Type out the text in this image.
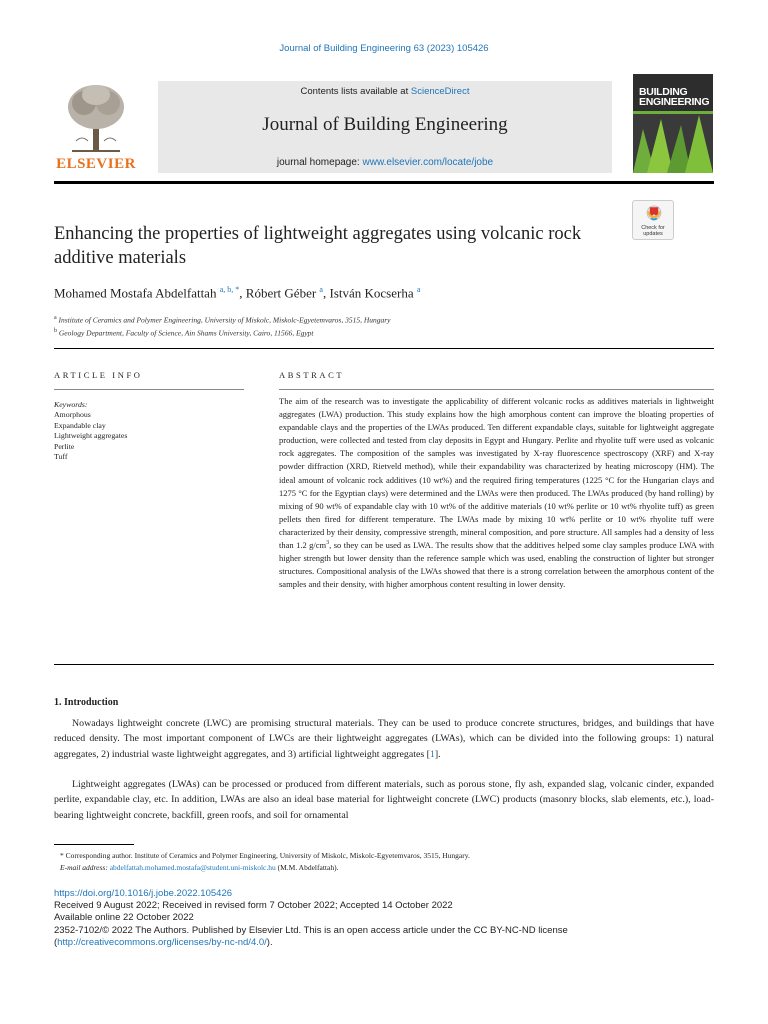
Journal of Building Engineering 63 (2023) 105426
ELSEVIER
Contents lists available at ScienceDirect
Journal of Building Engineering
journal homepage: www.elsevier.com/locate/jobe
BUILDING
ENGINEERING
Enhancing the properties of lightweight aggregates using volcanic rock additive materials
Check for updates
Mohamed Mostafa Abdelfattah $^{a, b, *}$, Róbert Géber $^a$, István Kocserha $^a$
$^a$ Institute of Ceramics and Polymer Engineering, University of Miskolc, Miskolc-Egyetemvaros, 3515, Hungary
$^b$ Geology Department, Faculty of Science, Ain Shams University, Cairo, 11566, Egypt
ARTICLE INFO
Keywords:
Amorphous
Expandable clay
Lightweight aggregates
Perlite
Tuff
ABSTRACT
The aim of the research was to investigate the applicability of different volcanic rocks as additives materials in lightweight aggregates (LWA) production. This study explains how the high amorphous content can improve the bloating properties of expandable clays and the properties of the LWAs produced. Ten different expandable clays, suitable for lightweight aggregate production, were collected and tested from clay deposits in Egypt and Hungary. Perlite and rhyolite tuff were used as volcanic rock aggregates. The composition of the samples was investigated by X-ray fluorescence spectroscopy (XRF) and X-ray powder diffraction (XRD, Rietveld method), while their expandability was characterized by heating microscopy (HM). The ideal amount of volcanic rock additives (10 wt%) and the required firing temperatures (1225 °C for the Hungarian clays and 1275 °C for the Egyptian clays) were determined and the LWAs were then produced. The LWAs produced (by hand rolling) by mixing of 90 wt% of expandable clay with 10 wt% of the additive materials (10 wt% perlite or 10 wt% rhyolite tuff) as green pellets then fired for different temperature. The LWAs made by mixing 10 wt% perlite or 10 wt% rhyolite tuff were characterized by their density, compressive strength, mineral composition, and pore structure. All samples had a density of less than 1.2 $g/cm^3$, so they can be used as LWA. The results show that the additives helped some clay samples produce LWA with higher strength but lower density than the reference sample which was used, enabling the construction of lighter but stronger structures. Compositional analysis of the LWAs showed that there is a strong correlation between the amorphous content of the samples and their density, with higher amorphous content resulting in lower density.
1. Introduction
Nowadays lightweight concrete (LWC) are promising structural materials. They can be used to produce concrete structures, bridges, and buildings that have reduced density. The most important component of LWCs are their lightweight aggregates (LWAs), which can be divided into the following groups: 1) natural aggregates, 2) industrial waste lightweight aggregates, and 3) artificial lightweight aggregates [1].
Lightweight aggregates (LWAs) can be processed or produced from different materials, such as porous stone, fly ash, expanded slag, volcanic cinder, expanded perlite, expandable clay, etc. In addition, LWAs are also an ideal base material for lightweight concrete (LWC) products (masonry blocks, slab elements, etc.), load-bearing lightweight concrete, backfill, green roofs, and soil for ornamental
* Corresponding author. Institute of Ceramics and Polymer Engineering, University of Miskolc, Miskolc-Egyetemvaros, 3515, Hungary.
E-mail address: abdelfattah.mohamed.mostafa@student.uni-miskolc.hu (M.M. Abdelfattah).
https://doi.org/10.1016/j.jobe.2022.105426
Received 9 August 2022; Received in revised form 7 October 2022; Accepted 14 October 2022
Available online 22 October 2022
2352-7102/© 2022 The Authors. Published by Elsevier Ltd. This is an open access article under the CC BY-NC-ND license
(http://creativecommons.org/licenses/by-nc-nd/4.0/).
